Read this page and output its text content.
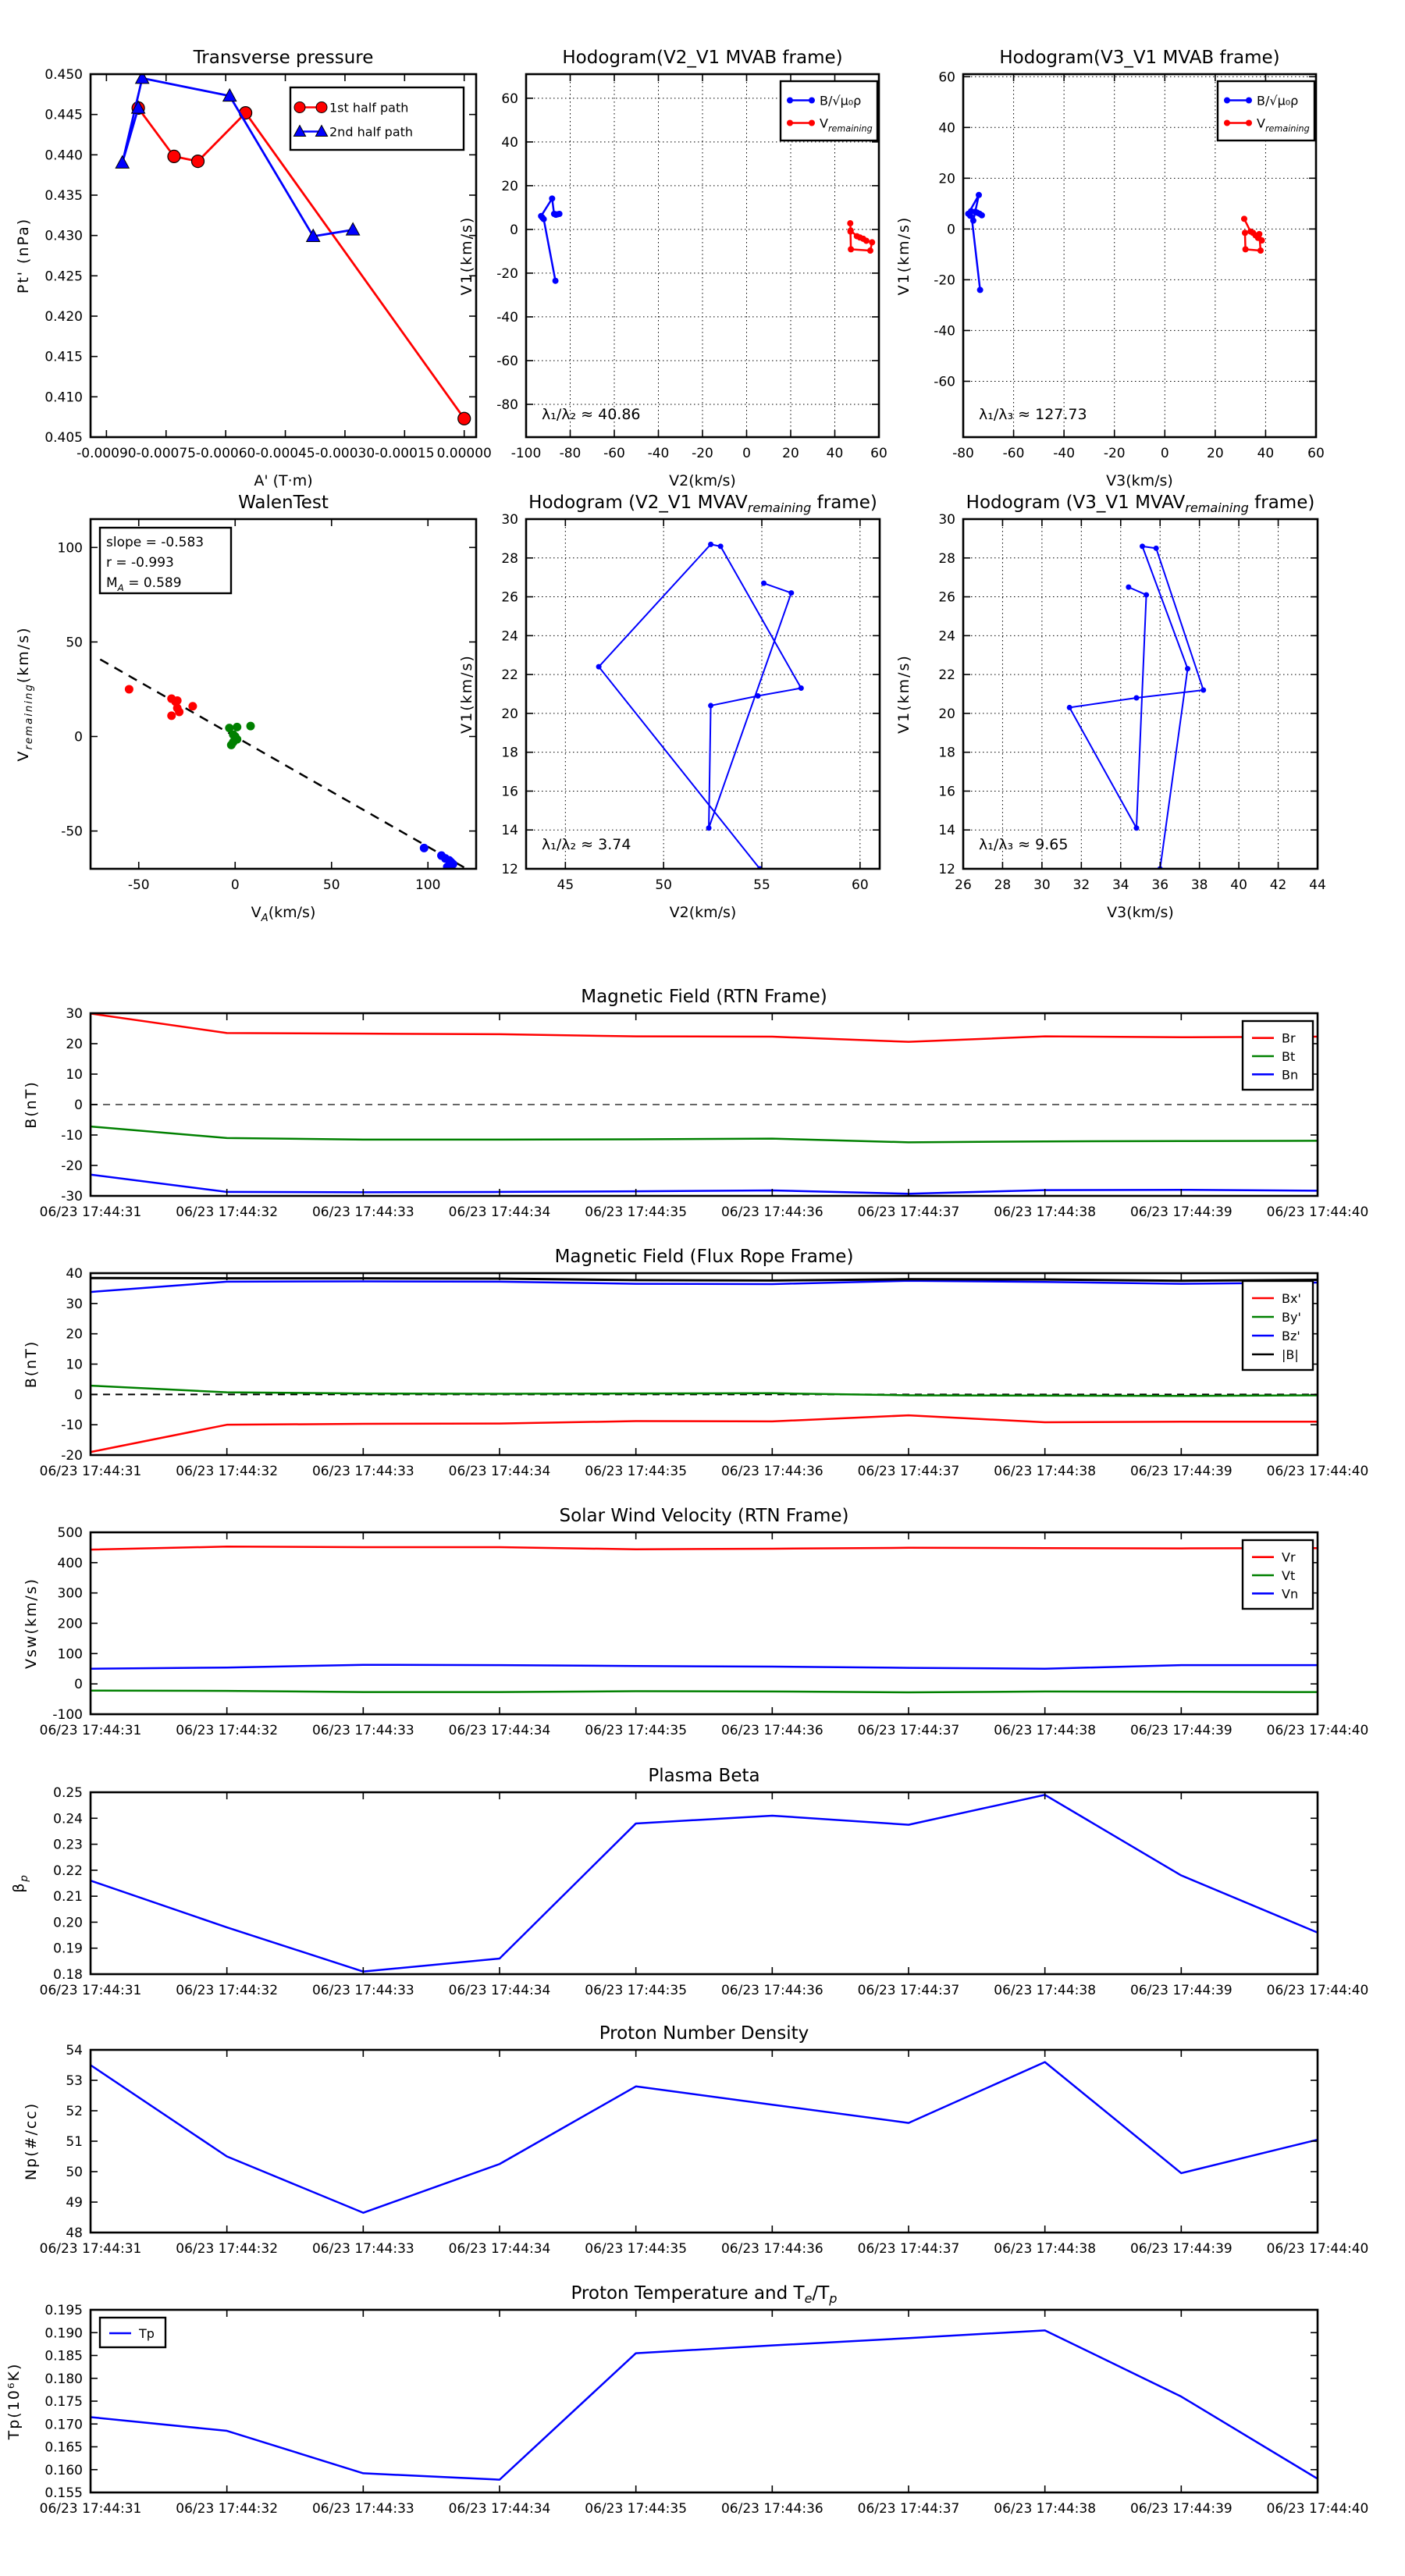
-0.00090 -0.00075 -0.00060 -0.00045 -0.00030 -0.00015 0.00000
0.405
0.410
0.415
0.420
0.425
0.430
0.435
0.440
0.445
0.450
Transverse pressure
A' (T·m)
Pt' (nPa)
1st half path
2nd half path
-100 -80 -60 -40 -20 0 20 40 60
-80
-60
-40
-20
0
20
40
60
Hodogram(V2_V1 MVAB frame)
V2(km/s)
V1(km/s)
B/√μ₀ρ
$V_{remaining}$
λ₁/λ₂ ≈ 40.86
-80 -60 -40 -20	0	20	40	60
-60
-40
-20
0
20
40
60
Hodogram(V3_V1 MVAB frame)
V3(km/s)
V1(km/s)
B/√μ₀ρ
$V_{remaining}$
λ₁/λ₃ ≈ 127.73
-50	0	50	100
-50
0
50
100
WalenTest
$V_A(km/s)$
$V_{remaining}(km/s)$
slope = -0.583
r = -0.993
$M_A = 0.589$
45	50	55	60
12
14
16
18
20
22
24
26
28
30
Hodogram (V2_V1 $MVAV_{remaining}$ frame)
V2(km/s)
V1(km/s)
λ₁/λ₂ ≈ 3.74
26 28 30 32 34 36 38 40 42 44
12
14
16
18
20
22
24
26
28
30
Hodogram (V3_V1 $MVAV_{remaining}$ frame)
V3(km/s)
V1(km/s)
λ₁/λ₃ ≈ 9.65
06/23 17:44:31	06/23 17:44:32	06/23 17:44:33	06/23 17:44:34	06/23 17:44:35	06/23 17:44:36	06/23 17:44:37	06/23 17:44:38	06/23 17:44:39	06/23 17:44:40
-30
-20
-10
0
10
20
30
Magnetic Field (RTN Frame)
B(nT)
Br
Bt
Bn
06/23 17:44:31	06/23 17:44:32	06/23 17:44:33	06/23 17:44:34	06/23 17:44:35	06/23 17:44:36	06/23 17:44:37	06/23 17:44:38	06/23 17:44:39	06/23 17:44:40
-20
-10
0
10
20
30
40
Magnetic Field (Flux Rope Frame)
B(nT)
Bx'
By'
Bz'
|B|
06/23 17:44:31	06/23 17:44:32	06/23 17:44:33	06/23 17:44:34	06/23 17:44:35	06/23 17:44:36	06/23 17:44:37	06/23 17:44:38	06/23 17:44:39	06/23 17:44:40
-100
0
100
200
300
400
500
Solar Wind Velocity (RTN Frame)
Vsw(km/s)
Vr
Vt
Vn
06/23 17:44:31	06/23 17:44:32	06/23 17:44:33	06/23 17:44:34	06/23 17:44:35	06/23 17:44:36	06/23 17:44:37	06/23 17:44:38	06/23 17:44:39	06/23 17:44:40
0.18
0.19
0.20
0.21
0.22
0.23
0.24
0.25
Plasma Beta
$\beta_p$
06/23 17:44:31	06/23 17:44:32	06/23 17:44:33	06/23 17:44:34	06/23 17:44:35	06/23 17:44:36	06/23 17:44:37	06/23 17:44:38	06/23 17:44:39	06/23 17:44:40
48
49
50
51
52
53
54
Proton Number Density
Np(#/cc)
06/23 17:44:31	06/23 17:44:32	06/23 17:44:33	06/23 17:44:34	06/23 17:44:35	06/23 17:44:36	06/23 17:44:37	06/23 17:44:38	06/23 17:44:39	06/23 17:44:40
0.155
0.160
0.165
0.170
0.175
0.180
0.185
0.190
0.195
Proton Temperature and $T_e/T_p$
Tp(10⁶K)
Tp
